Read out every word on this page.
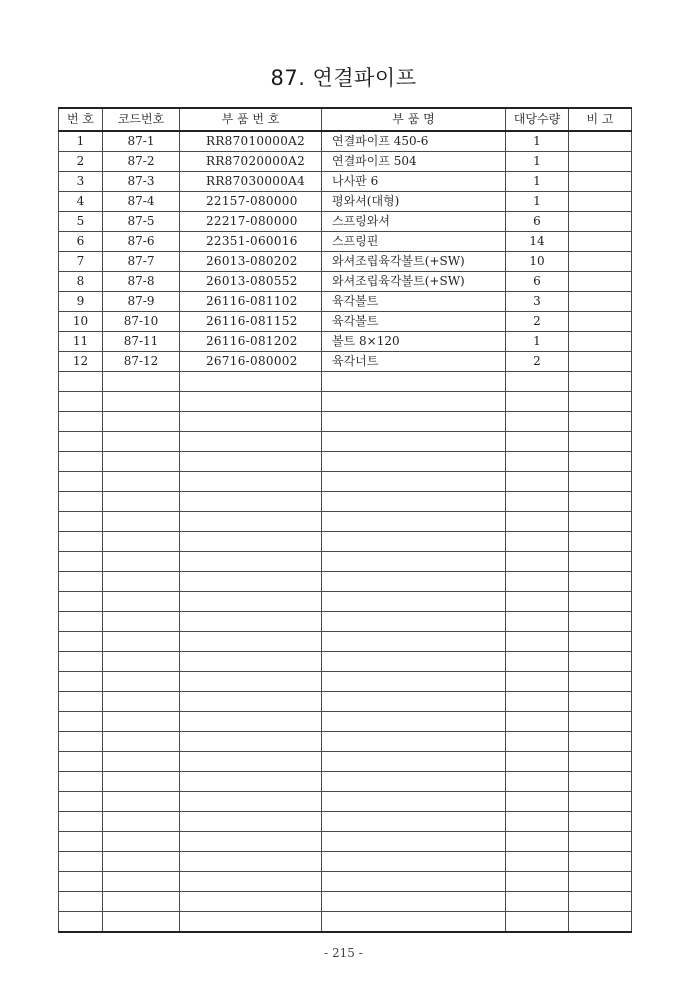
87. 연결파이프
번 호	코드번호	부 품 번 호	부 품 명	대당수량	비 고
1	87-1	RR87010000A2	연결파이프 450-6	1	
2	87-2	RR87020000A2	연결파이프 504	1	
3	87-3	RR87030000A4	나사판 6	1	
4	87-4	22157-080000	평와셔(대형)	1	
5	87-5	22217-080000	스프링와셔	6	
6	87-6	22351-060016	스프링핀	14	
7	87-7	26013-080202	와셔조립육각볼트(+SW)	10	
8	87-8	26013-080552	와셔조립육각볼트(+SW)	6	
9	87-9	26116-081102	육각볼트	3	
10	87-10	26116-081152	육각볼트	2	
11	87-11	26116-081202	볼트 8×120	1	
12	87-12	26716-080002	육각너트	2	

- 215 -
